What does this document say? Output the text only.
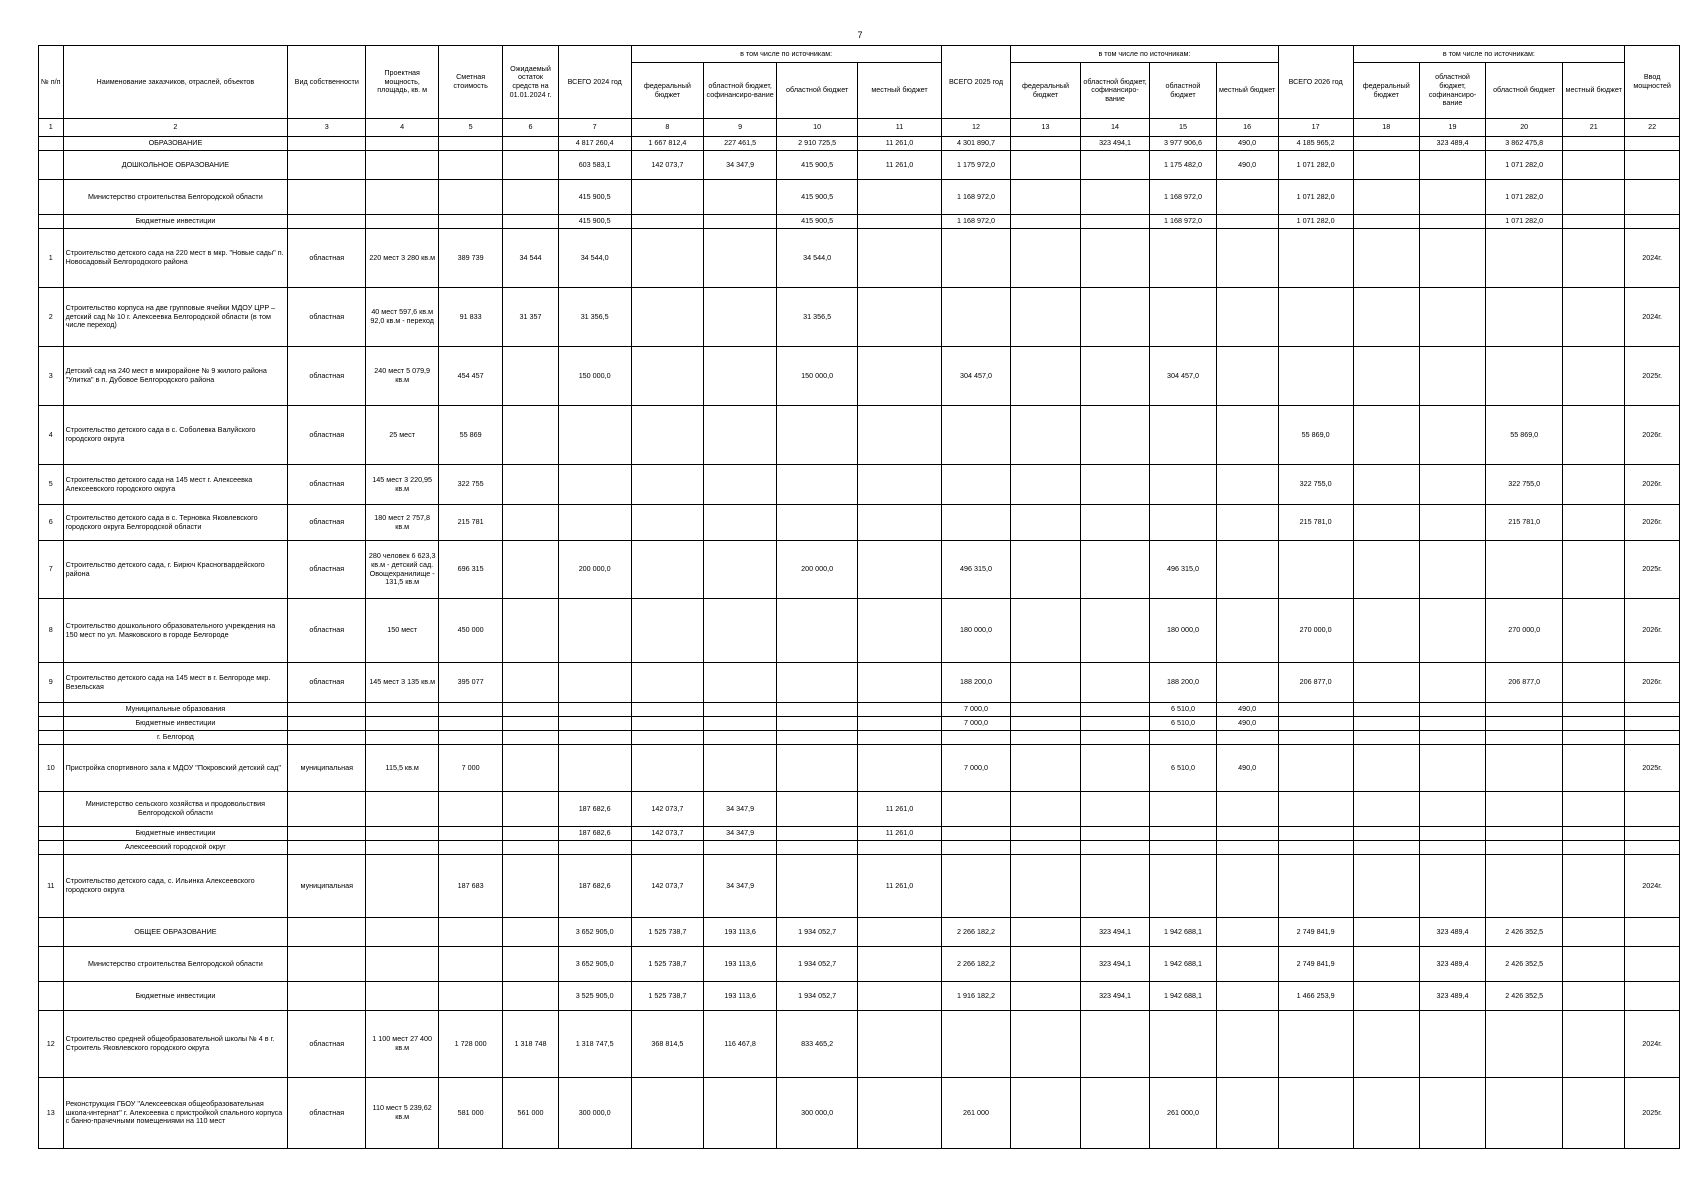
7
№ п/п	Наименование заказчиков, отраслей, объектов	Вид собственности	Проектная мощность, площадь, кв. м	Сметная стоимость	Ожидаемый остаток средств на 01.01.2024 г.	ВСЕГО 2024 год	в том числе по источникам:				ВСЕГО 2025 год	в том числе по источникам:				ВСЕГО 2026 год	в том числе по источникам:				Ввод мощностей
							федеральный бюджет	областной бюджет, софинансиро-вание	областной бюджет	местный бюджет		федеральный бюджет	областной бюджет, софинансиро-вание	областной бюджет	местный бюджет		федеральный бюджет	областной бюджет, софинансиро-вание	областной бюджет	местный бюджет	
1	2	3	4	5	6	7	8	9	10	11	12	13	14	15	16	17	18	19	20	21	22
	ОБРАЗОВАНИЕ					4 817 260,4	1 667 812,4	227 461,5	2 910 725,5	11 261,0	4 301 890,7		323 494,1	3 977 906,6	490,0	4 185 965,2		323 489,4	3 862 475,8		
	ДОШКОЛЬНОЕ ОБРАЗОВАНИЕ					603 583,1	142 073,7	34 347,9	415 900,5	11 261,0	1 175 972,0			1 175 482,0	490,0	1 071 282,0			1 071 282,0		
	Министерство строительства Белгородской области					415 900,5			415 900,5		1 168 972,0			1 168 972,0		1 071 282,0			1 071 282,0		
	Бюджетные инвестиции					415 900,5			415 900,5		1 168 972,0			1 168 972,0		1 071 282,0			1 071 282,0		
1	Строительство детского сада на 220 мест в мкр. "Новые сады" п. Новосадовый Белгородского района	областная	220 мест 3 280 кв.м	389 739	34 544	34 544,0			34 544,0												2024г.
2	Строительство корпуса на две групповые ячейки МДОУ ЦРР – детский сад № 10 г. Алексеевка Белгородской области (в том числе переход)	областная	40 мест 597,6 кв.м 92,0 кв.м - переход	91 833	31 357	31 356,5			31 356,5												2024г.
3	Детский сад на 240 мест в микрорайоне № 9 жилого района "Улитка" в п. Дубовое Белгородского района	областная	240 мест 5 079,9 кв.м	454 457		150 000,0			150 000,0		304 457,0			304 457,0							2025г.
4	Строительство детского сада в с. Соболевка Валуйского городского округа	областная	25 мест	55 869												55 869,0			55 869,0		2026г.
5	Строительство детского сада на 145 мест г. Алексеевка Алексеевского городского округа	областная	145 мест 3 220,95 кв.м	322 755												322 755,0			322 755,0		2026г.
6	Строительство детского сада в с. Терновка Яковлевского городского округа Белгородской области	областная	180 мест 2 757,8 кв.м	215 781												215 781,0			215 781,0		2026г.
7	Строительство детского сада, г. Бирюч Красногвардейского района	областная	280 человек 6 623,3 кв.м - детский сад. Овощехранилище - 131,5 кв.м	696 315		200 000,0			200 000,0		496 315,0			496 315,0							2025г.
8	Строительство дошкольного образовательного учреждения на 150 мест по ул. Маяковского в городе Белгороде	областная	150 мест	450 000							180 000,0			180 000,0		270 000,0			270 000,0		2026г.
9	Строительство детского сада на 145 мест в г. Белгороде мкр. Везельская	областная	145 мест 3 135 кв.м	395 077							188 200,0			188 200,0		206 877,0			206 877,0		2026г.
	Муниципальные образования										7 000,0			6 510,0	490,0						
	Бюджетные инвестиции										7 000,0			6 510,0	490,0						
	г. Белгород																				
10	Пристройка спортивного зала к МДОУ "Покровский детский сад"	муниципальная	115,5 кв.м	7 000							7 000,0			6 510,0	490,0						2025г.
	Министерство сельского хозяйства и продовольствия Белгородской области					187 682,6	142 073,7	34 347,9		11 261,0											
	Бюджетные инвестиции					187 682,6	142 073,7	34 347,9		11 261,0											
	Алексеевский городской округ																				
11	Строительство детского сада, с. Ильинка Алексеевского городского округа	муниципальная		187 683		187 682,6	142 073,7	34 347,9		11 261,0											2024г.
	ОБЩЕЕ ОБРАЗОВАНИЕ					3 652 905,0	1 525 738,7	193 113,6	1 934 052,7		2 266 182,2		323 494,1	1 942 688,1		2 749 841,9		323 489,4	2 426 352,5		
	Министерство строительства Белгородской области					3 652 905,0	1 525 738,7	193 113,6	1 934 052,7		2 266 182,2		323 494,1	1 942 688,1		2 749 841,9		323 489,4	2 426 352,5		
	Бюджетные инвестиции					3 525 905,0	1 525 738,7	193 113,6	1 934 052,7		1 916 182,2		323 494,1	1 942 688,1		1 466 253,9		323 489,4	2 426 352,5		
12	Строительство средней общеобразовательной школы № 4 в г. Строитель Яковлевского городского округа	областная	1 100 мест 27 400 кв.м	1 728 000	1 318 748	1 318 747,5	368 814,5	116 467,8	833 465,2												2024г.
13	Реконструкция ГБОУ "Алексеевская общеобразовательная школа-интернат" г. Алексеевка с пристройкой спального корпуса с банно-прачечными помещениями на 110 мест	областная	110 мест 5 239,62 кв.м	581 000	561 000	300 000,0			300 000,0		261 000			261 000,0							2025г.
